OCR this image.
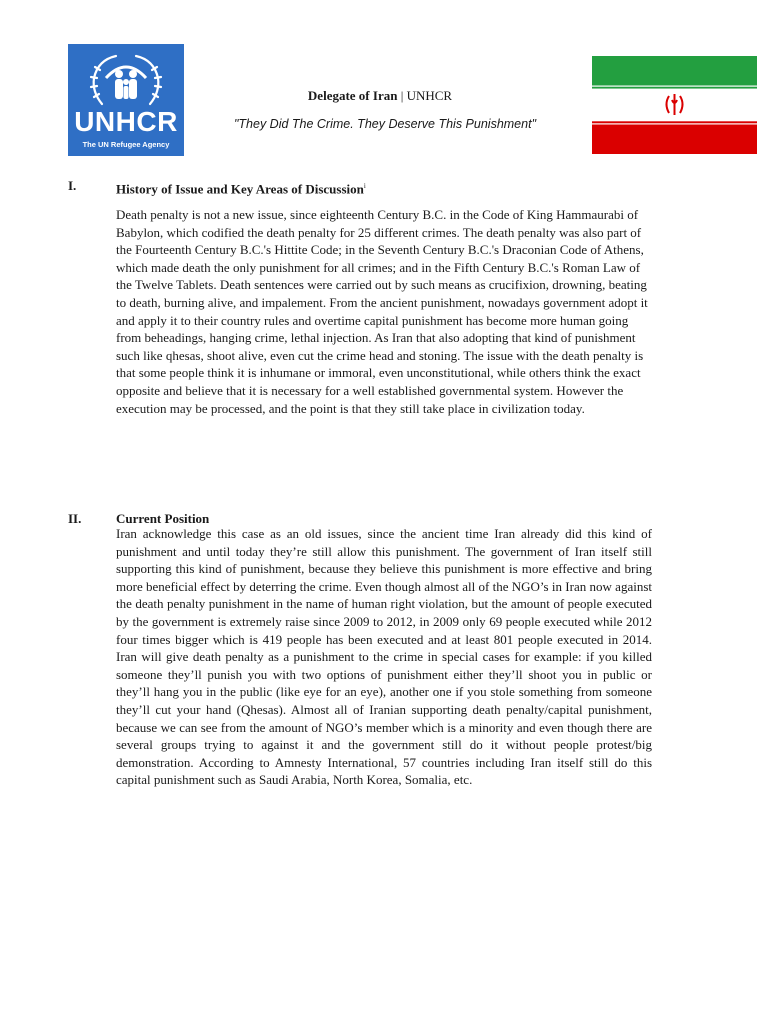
UNHCR
The UN Refugee Agency
Delegate of Iran | UNHCR
"They Did The Crime. They Deserve This Punishment"
I.	History of Issue and Key Areas of Discussion$^i$

Death penalty is not a new issue, since eighteenth Century B.C. in the Code of King Hammaurabi of Babylon, which codified the death penalty for 25 different crimes. The death penalty was also part of the Fourteenth Century B.C.'s Hittite Code; in the Seventh Century B.C.'s Draconian Code of Athens, which made death the only punishment for all crimes; and in the Fifth Century B.C.'s Roman Law of the Twelve Tablets. Death sentences were carried out by such means as crucifixion, drowning, beating to death, burning alive, and impalement. From the ancient punishment, nowadays government adopt it and apply it to their country rules and overtime capital punishment has become more human going from beheadings, hanging crime, lethal injection. As Iran that also adopting that kind of punishment such like qhesas, shoot alive, even cut the crime head and stoning. The issue with the death penalty is that some people think it is inhumane or immoral, even unconstitutional, while others think the exact opposite and believe that it is necessary for a well established governmental system. However the execution may be processed, and the point is that they still take place in civilization today.

II.	Current Position

Iran acknowledge this case as an old issues, since the ancient time Iran already did this kind of punishment and until today they’re still allow this punishment. The government of Iran itself still supporting this kind of punishment, because they believe this punishment is more effective and bring more beneficial effect by deterring the crime. Even though almost all of the NGO’s in Iran now against the death penalty punishment in the name of human right violation, but the amount of people executed by the government is extremely raise since 2009 to 2012, in 2009 only 69 people executed while 2012 four times bigger which is 419 people has been executed and at least 801 people executed in 2014. Iran will give death penalty as a punishment to the crime in special cases for example: if you killed someone they’ll punish you with two options of punishment either they’ll shoot you in public or they’ll hang you in the public (like eye for an eye), another one if you stole something from someone they’ll cut your hand (Qhesas). Almost all of Iranian supporting death penalty/capital punishment, because we can see from the amount of NGO’s member which is a minority and even though there are several groups trying to against it and the government still do it without people protest/big demonstration. According to Amnesty International, 57 countries including Iran itself still do this capital punishment such as Saudi Arabia, North Korea, Somalia, etc.
